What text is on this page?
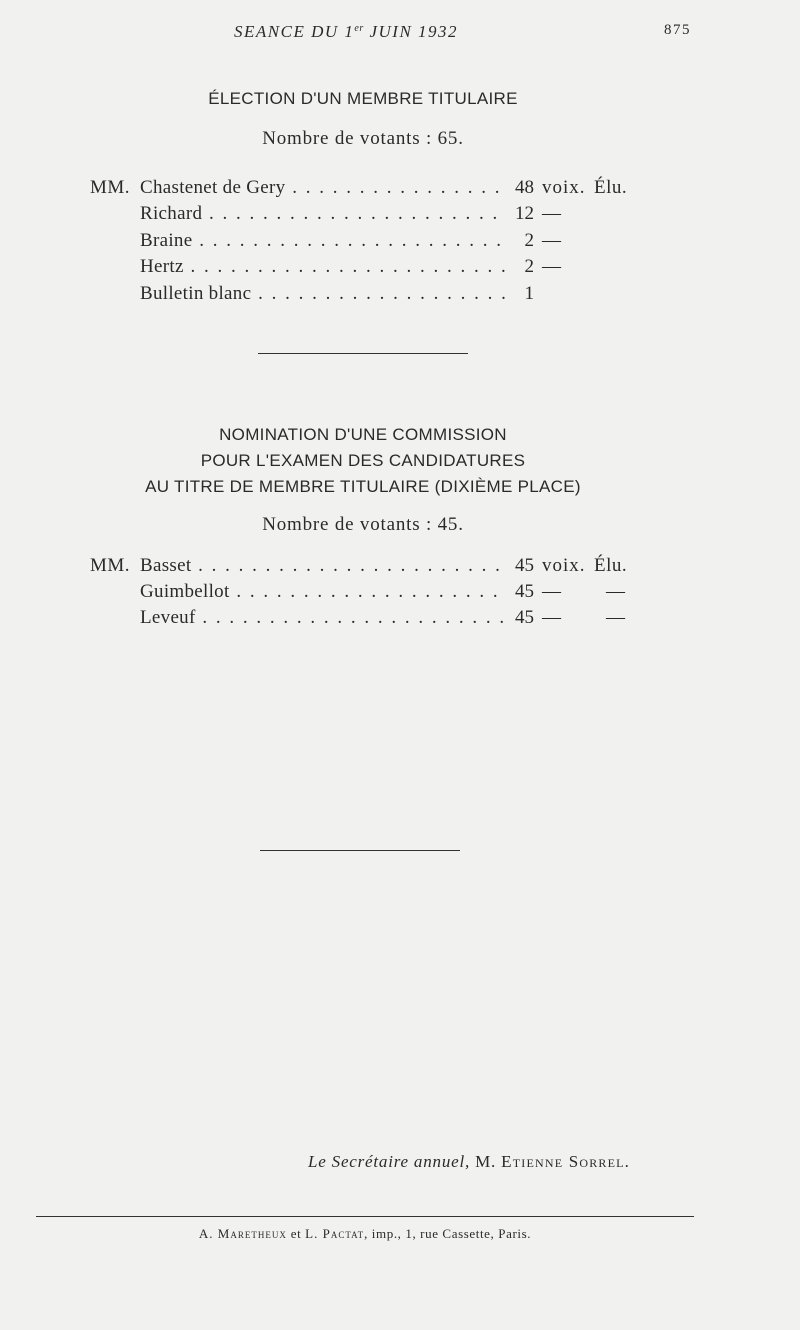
SEANCE DU 1er JUIN 1932	875
ÉLECTION D'UN MEMBRE TITULAIRE
Nombre de votants : 65.
MM. Chastenet de Gery . . .	48 voix. Élu.
Richard . . .	12 —
Braine . . .	2 —
Hertz . . .	2 —
Bulletin blanc . . .	1
NOMINATION D'UNE COMMISSION
POUR L'EXAMEN DES CANDIDATURES
AU TITRE DE MEMBRE TITULAIRE (DIXIÈME PLACE)
Nombre de votants : 45.
MM. Basset . . .	45 voix. Élu.
Guimbellot . . .	45 — —
Leveuf . . .	45 — —
Le Secrétaire annuel, M. Etienne Sorrel.
A. Maretheux et L. Pactat, imp., 1, rue Cassette, Paris.
